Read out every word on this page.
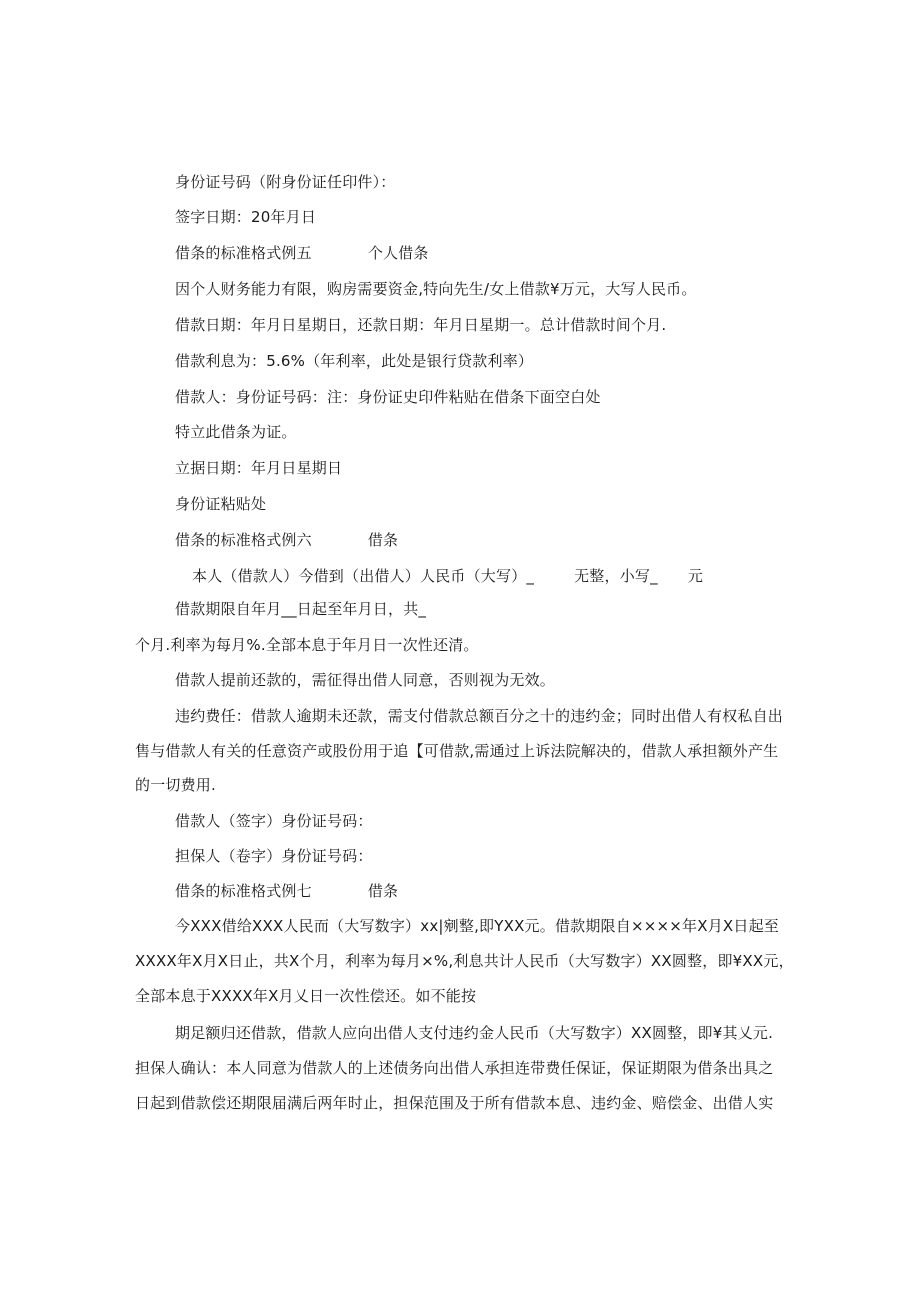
身份证号码（附身份证任印件）：
签字日期：20年月日
借条的标准格式例五	个人借条
因个人财务能力有限，购房需要资金,特向先生/女上借款¥万元，大写人民币。
借款日期：年月日星期日，还款日期：年月日星期一。总计借款时间个月.
借款利息为：5.6%（年利率，此处是银行贷款利率）
借款人：身份证号码：注：身份证史印件粘贴在借条下面空白处
特立此借条为证。
立据日期：年月日星期日
身份证粘贴处
借条的标准格式例六	借条
本人（借款人）今借到（出借人）人民币（大写）_	无整，小写_ 元
借款期限自年月__日起至年月日，共_
个月.利率为每月%.全部本息于年月日一次性还清。
借款人提前还款的，需征得出借人同意，否则视为无效。
违约费任：借款人逾期未还款，需支付借款总额百分之十的违约金；同时出借人有权私自出
售与借款人有关的任意资产或股份用于追【可借款,需通过上诉法院解决的，借款人承担额外产生
的一切费用.
借款人（签字）身份证号码：
担保人（卷字）身份证号码：
借条的标准格式例七	借条
今XXX借给XXX人民而（大写数字）xx|剜整,即YXX元。借款期限自××××年X月X日起至
XXXX年X月X日止，共X个月，利率为每月×%,利息共计人民币（大写数字）XX圆整，即¥XX元，
全部本息于XXXX年X月乂日一次性偿还。如不能按
期足额归还借款，借款人应向出借人支付违约金人民币（大写数字）XX圆整，即¥其乂元.
担保人确认：本人同意为借款人的上述债务向出借人承担连带费任保证，保证期限为借条出具之
日起到借款偿还期限届满后两年时止，担保范围及于所有借款本息、违约金、赔偿金、出借人实
